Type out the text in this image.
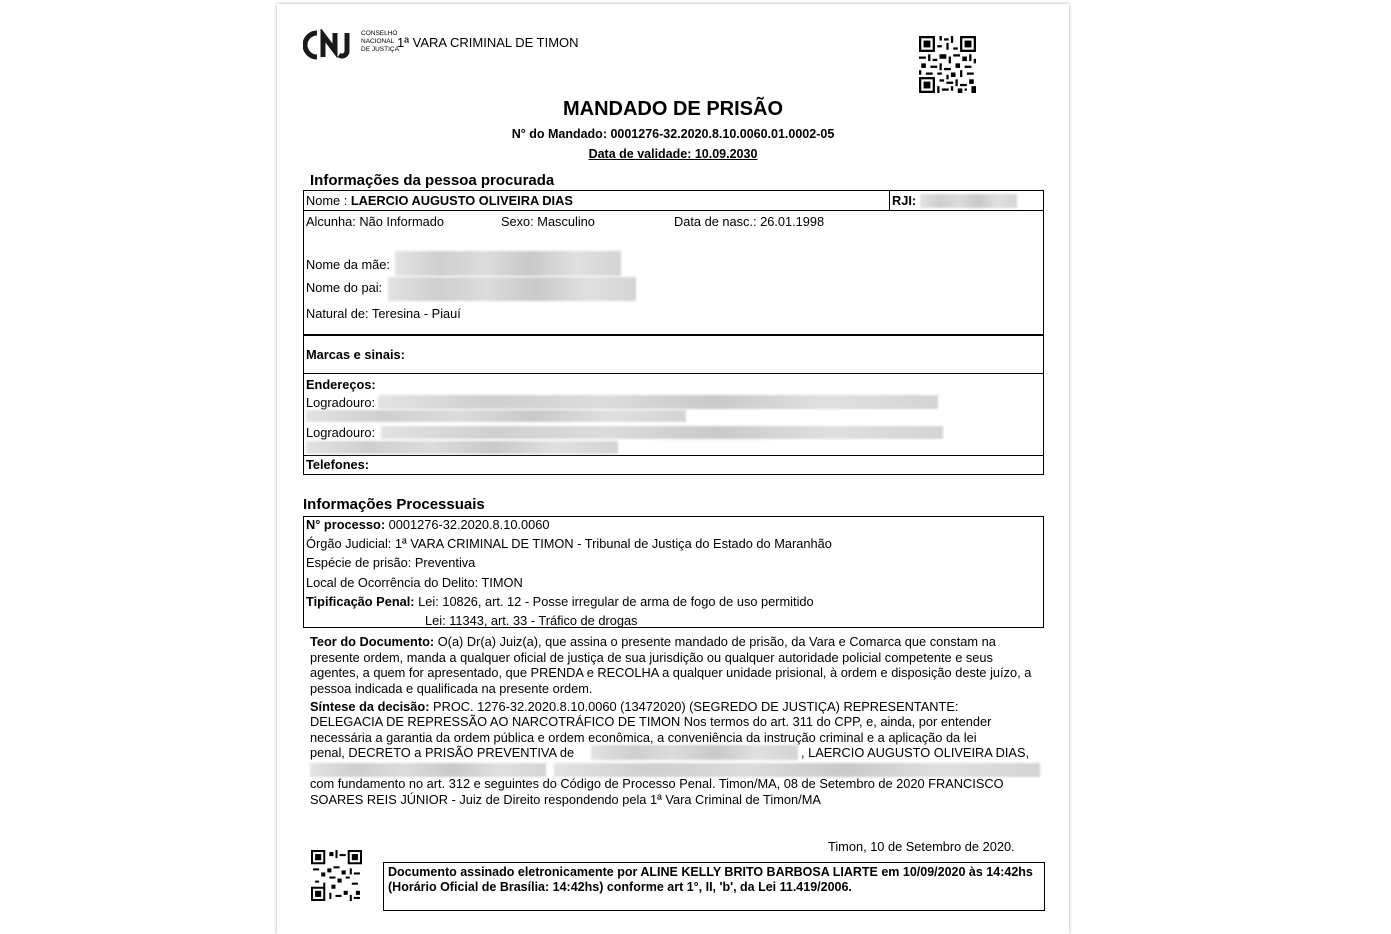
CONSELHO
NACIONAL
DE JUSTIÇA
1ª VARA CRIMINAL DE TIMON
MANDADO DE PRISÃO
N° do Mandado: 0001276-32.2020.8.10.0060.01.0002-05
Data de validade: 10.09.2030
Informações da pessoa procurada
Nome : LAERCIO AUGUSTO OLIVEIRA DIAS	RJI:
Alcunha: Não Informado	Sexo: Masculino	Data de nasc.: 26.01.1998
Nome da mãe:
Nome do pai:
Natural de: Teresina - Piauí
Marcas e sinais:
Endereços:
Logradouro:
Logradouro:
Telefones:
Informações Processuais
N° processo: 0001276-32.2020.8.10.0060
Órgão Judicial: 1ª VARA CRIMINAL DE TIMON - Tribunal de Justiça do Estado do Maranhão
Espécie de prisão: Preventiva
Local de Ocorrência do Delito: TIMON
Tipificação Penal: Lei: 10826, art. 12 - Posse irregular de arma de fogo de uso permitido
Lei: 11343, art. 33 - Tráfico de drogas
Teor do Documento: O(a) Dr(a) Juiz(a), que assina o presente mandado de prisão, da Vara e Comarca que constam na presente ordem, manda a qualquer oficial de justiça de sua jurisdição ou qualquer autoridade policial competente e seus agentes, a quem for apresentado, que PRENDA e RECOLHA a qualquer unidade prisional, à ordem e disposição deste juízo, a pessoa indicada e qualificada na presente ordem.
Síntese da decisão: PROC. 1276-32.2020.8.10.0060 (13472020) (SEGREDO DE JUSTIÇA) REPRESENTANTE:
DELEGACIA DE REPRESSÃO AO NARCOTRÁFICO DE TIMON Nos termos do art. 311 do CPP, e, ainda, por entender
necessária a garantia da ordem pública e ordem econômica, a conveniência da instrução criminal e a aplicação da lei
penal, DECRETO a PRISÃO PREVENTIVA de	, LAERCIO AUGUSTO OLIVEIRA DIAS,
com fundamento no art. 312 e seguintes do Código de Processo Penal. Timon/MA, 08 de Setembro de 2020 FRANCISCO
SOARES REIS JÚNIOR - Juiz de Direito respondendo pela 1ª Vara Criminal de Timon/MA
Timon, 10 de Setembro de 2020.
Documento assinado eletronicamente por ALINE KELLY BRITO BARBOSA LIARTE em 10/09/2020 às 14:42hs (Horário Oficial de Brasília: 14:42hs) conforme art 1°, II, 'b', da Lei 11.419/2006.
